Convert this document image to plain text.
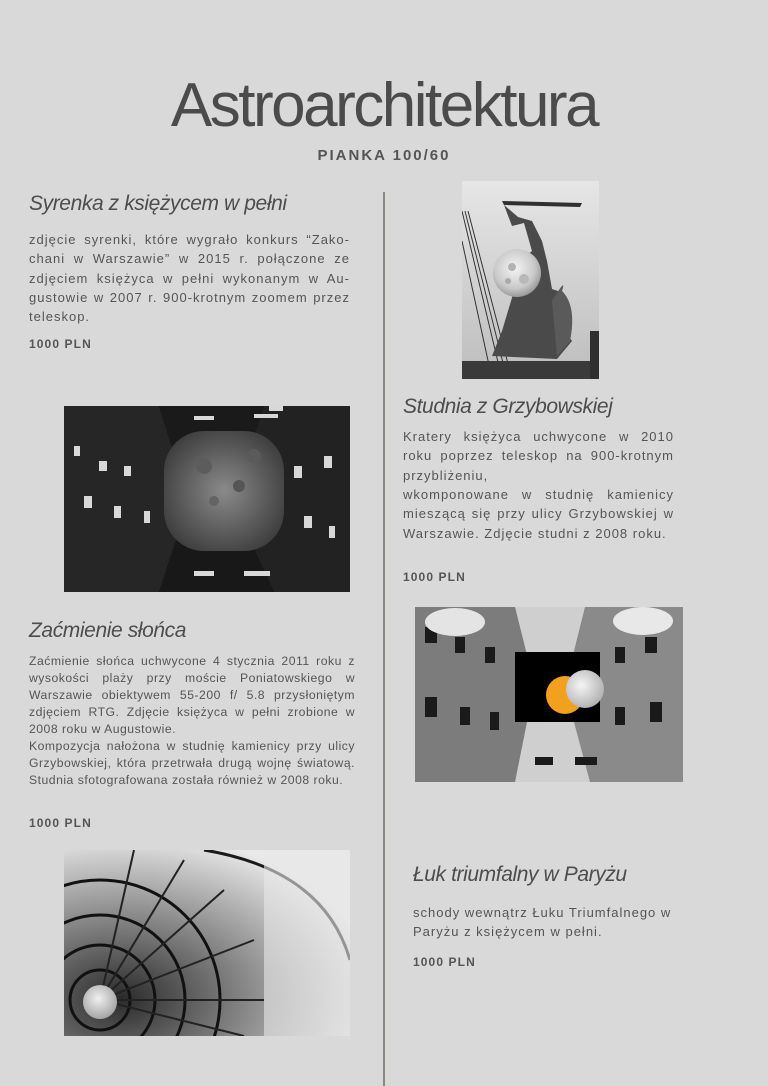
Astroarchitektura
PIANKA 100/60
Syrenka z księżycem w pełni

zdjęcie syrenki, które wygrało konkurs “Zako-chani w Warszawie” w 2015 r. połączone ze zdjęciem księżyca w pełni wykonanym w Au-gustowie w 2007 r. 900-krotnym zoomem przez teleskop.

1000 PLN
Studnia z Grzybowskiej

Kratery księżyca uchwycone w 2010 roku poprzez teleskop na 900-krotnym przybliżeniu,

wkomponowane w studnię kamienicy mieszącą się przy ulicy Grzybowskiej w Warszawie. Zdjęcie studni z 2008 roku.

1000 PLN
Zaćmienie słońca

Zaćmienie słońca uchwycone 4 stycznia 2011 roku z wysokości plaży przy moście Poniatowskiego w Warszawie obiektywem 55-200 f/ 5.8 przysłoniętym zdjęciem RTG. Zdjęcie księżyca w pełni zrobione w 2008 roku w Augustowie.

Kompozycja nałożona w studnię kamienicy przy ulicy Grzybowskiej, która przetrwała drugą wojnę światową. Studnia sfotografowana została również w 2008 roku.

1000 PLN
Łuk triumfalny w Paryżu

schody wewnątrz Łuku Triumfalnego w Paryżu z księżycem w pełni.

1000 PLN
